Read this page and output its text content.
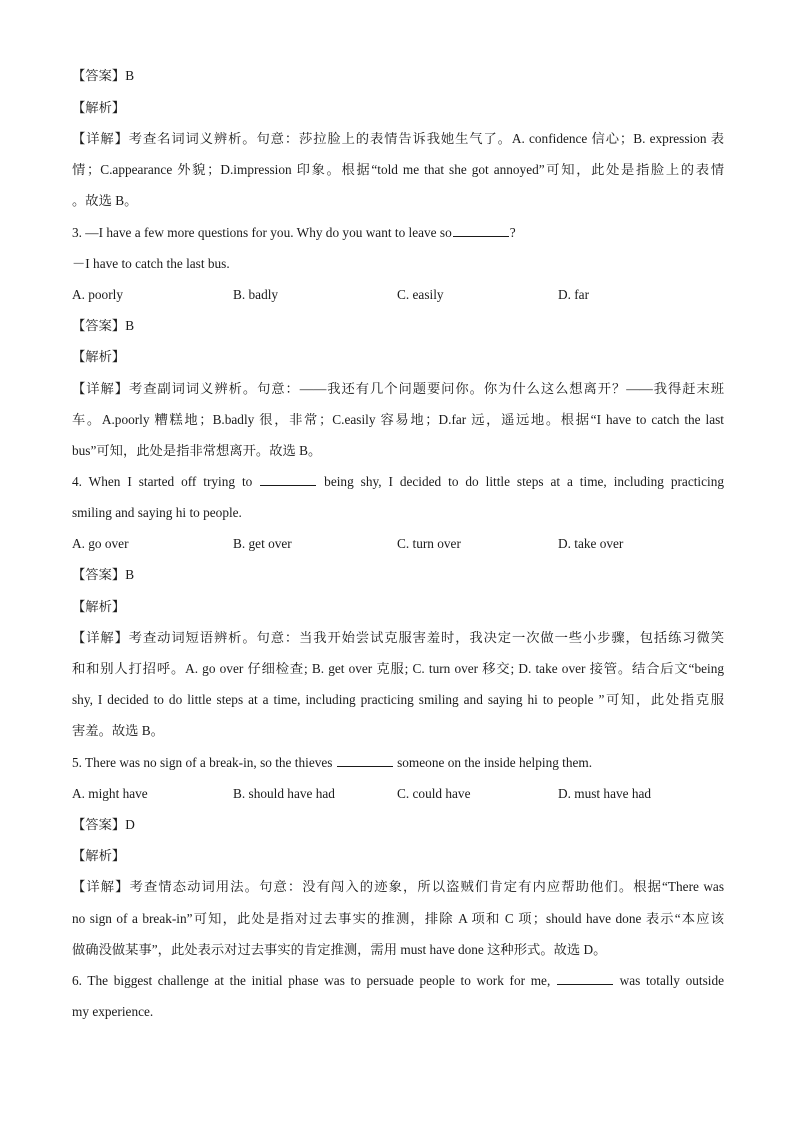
【答案】B
【解析】
【详解】考查名词词义辨析。句意：莎拉脸上的表情告诉我她生气了。A. confidence 信心；B. expression 表
情；C.appearance 外貌；D.impression 印象。根据“told me that she got annoyed”可知，此处是指脸上的表情
。故选 B。
3. —I have a few more questions for you. Why do you want to leave so	?
－I have to catch the last bus.
A. poorly	B. badly	C. easily	D. far
【答案】B
【解析】
【详解】考查副词词义辨析。句意：——我还有几个问题要问你。你为什么这么想离开？——我得赶末班
车。A.poorly 糟糕地；B.badly 很，非常；C.easily 容易地；D.far 远，遥远地。根据“I have to catch the last
bus”可知，此处是指非常想离开。故选 B。
4. When I started off trying to	being shy, I decided to do little steps at a time, including practicing
smiling and saying hi to people.
A. go over	B. get over	C. turn over	D. take over
【答案】B
【解析】
【详解】考查动词短语辨析。句意：当我开始尝试克服害羞时，我决定一次做一些小步骤，包括练习微笑
和和别人打招呼。A. go over 仔细检查; B. get over 克服; C. turn over 移交; D. take over 接管。结合后文“being
shy, I decided to do little steps at a time, including practicing smiling and saying hi to people ”可知，此处指克服
害羞。故选 B。
5. There was no sign of a break-in, so the thieves	someone on the inside helping them.
A. might have	B. should have had	C. could have	D. must have had
【答案】D
【解析】
【详解】考查情态动词用法。句意：没有闯入的迹象，所以盗贼们肯定有内应帮助他们。根据“There was
no sign of a break-in”可知，此处是指对过去事实的推测，排除 A 项和 C 项；should have done 表示“本应该
做确没做某事”，此处表示对过去事实的肯定推测，需用 must have done 这种形式。故选 D。
6. The biggest challenge at the initial phase was to persuade people to work for me,	was totally outside
my experience.
